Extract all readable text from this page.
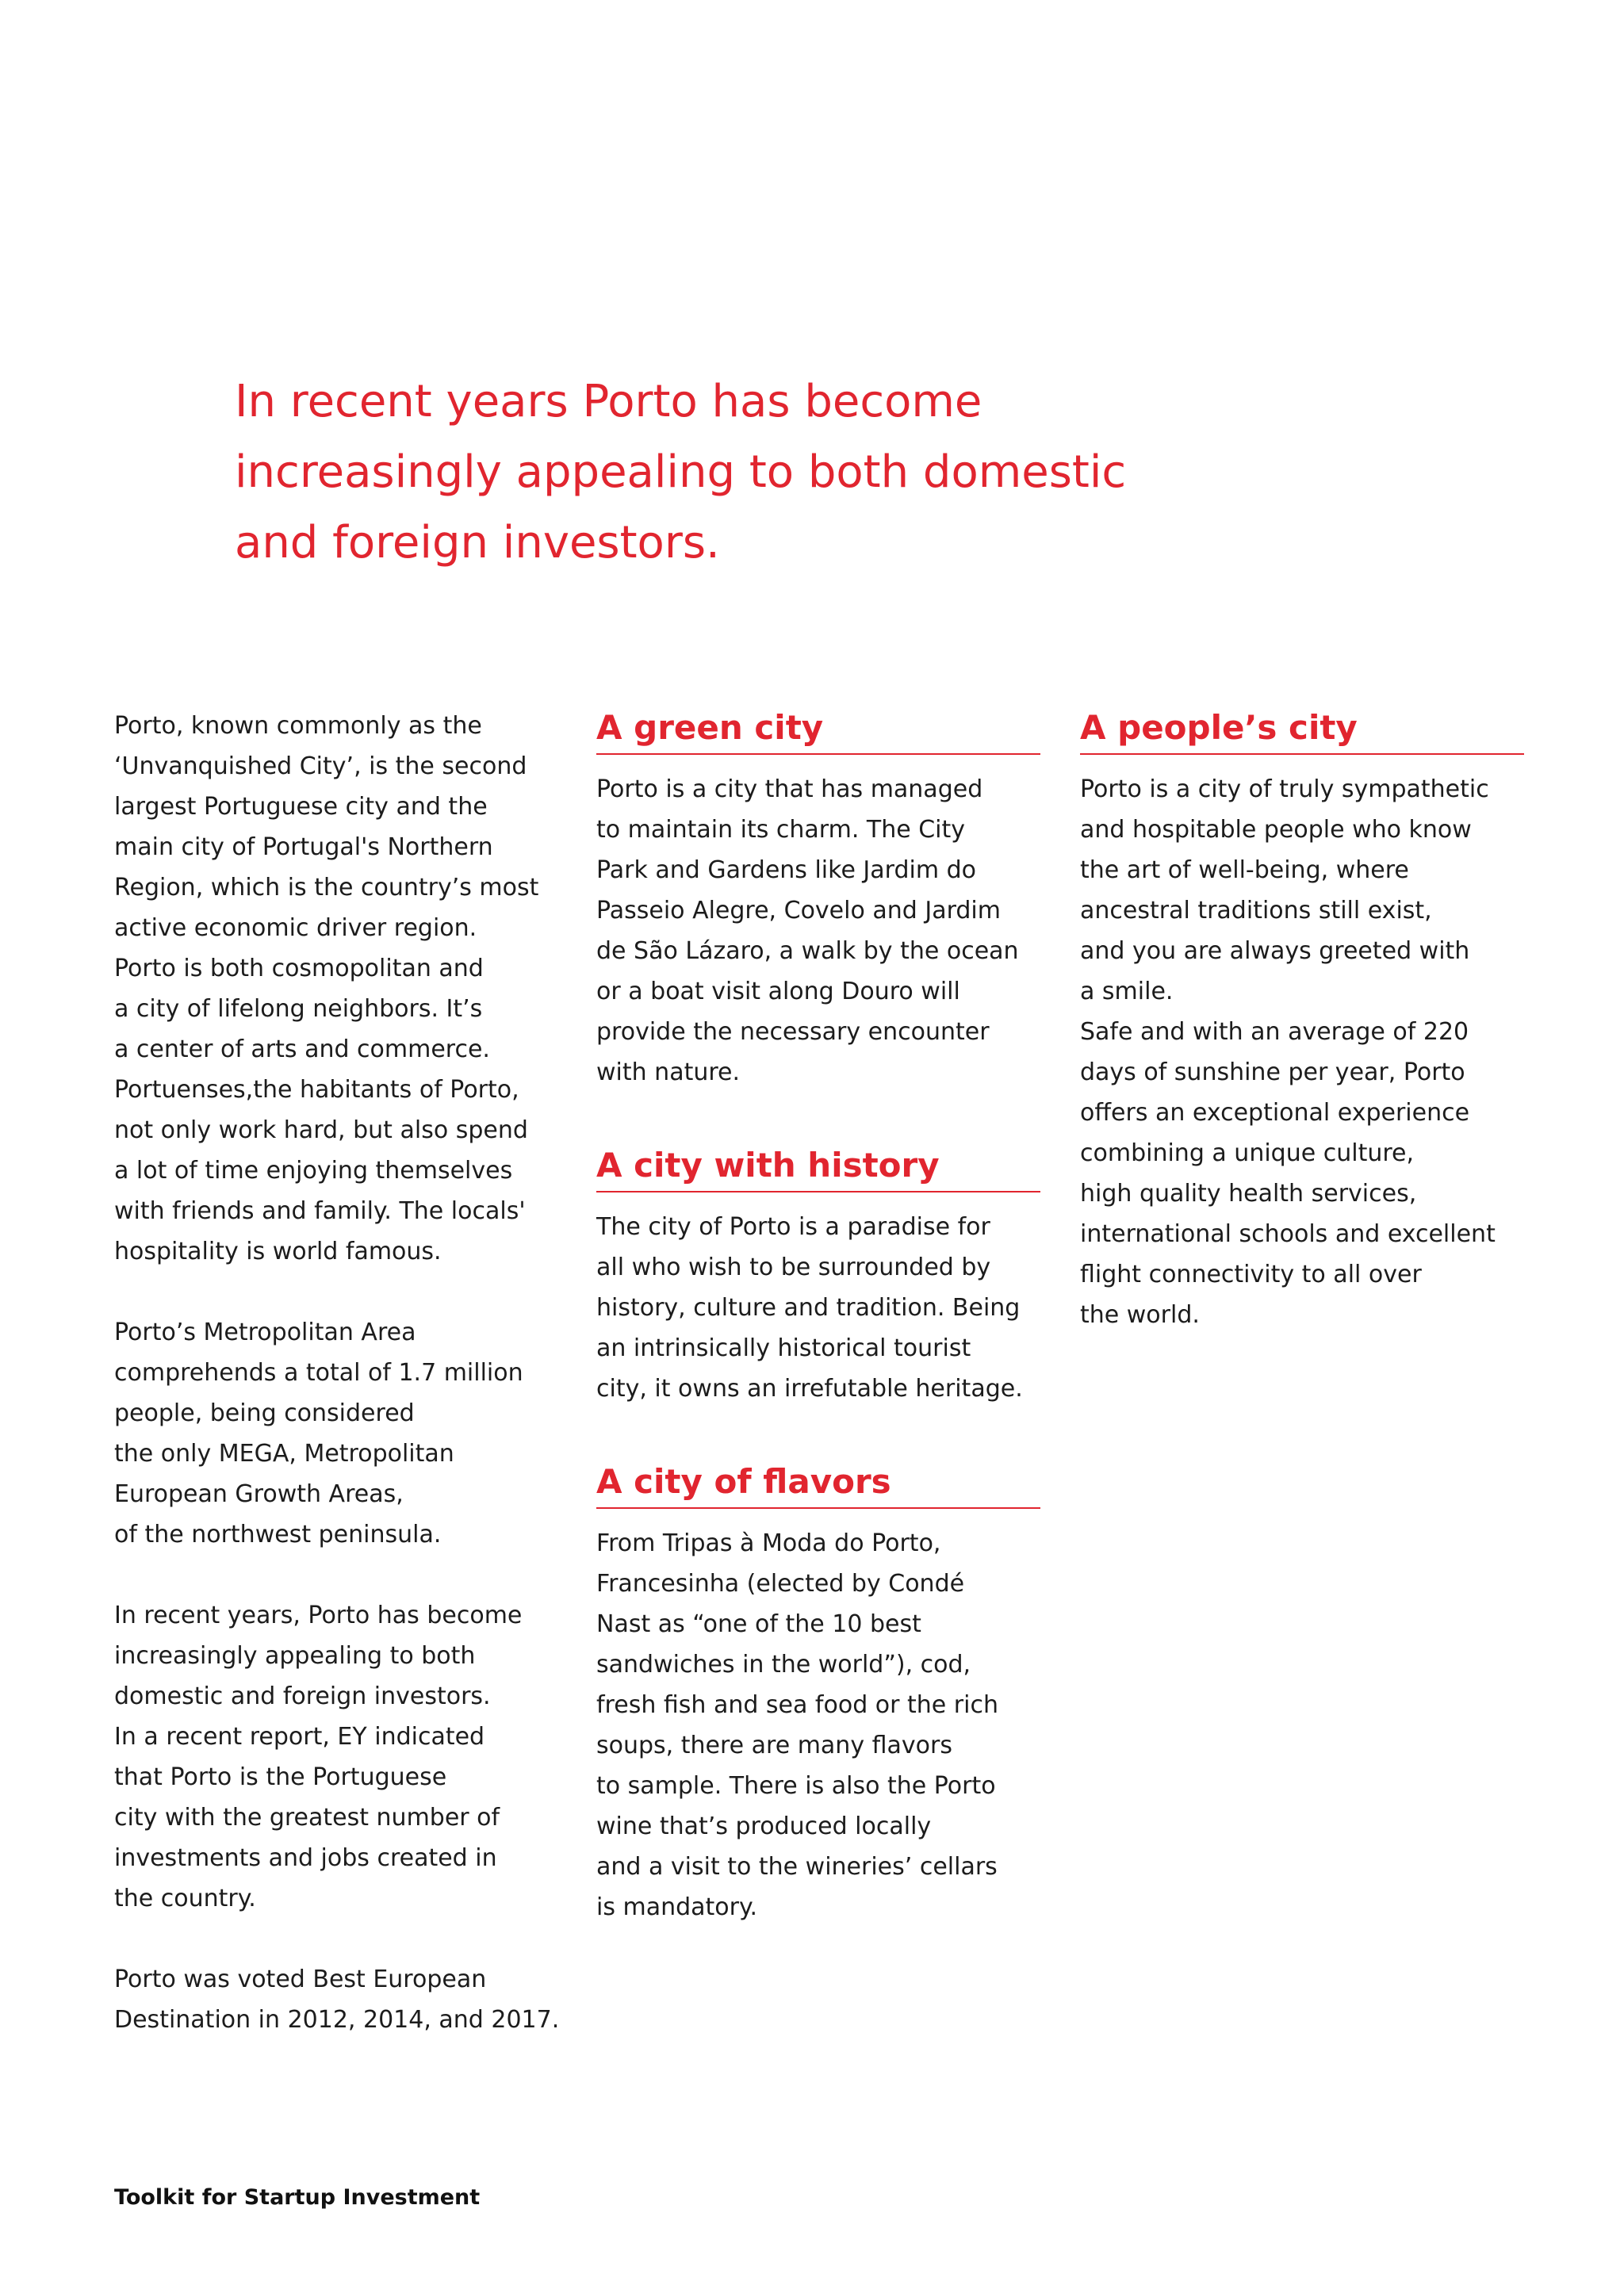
In recent years Porto has become
increasingly appealing to both domestic
and foreign investors.

Porto, known commonly as the
‘Unvanquished City’, is the second
largest Portuguese city and the
main city of Portugal's Northern
Region, which is the country’s most
active economic driver region.
Porto is both cosmopolitan and
a city of lifelong neighbors. It’s
a center of arts and commerce.
Portuenses,the habitants of Porto,
not only work hard, but also spend
a lot of time enjoying themselves
with friends and family. The locals'
hospitality is world famous.

Porto’s Metropolitan Area
comprehends a total of 1.7 million
people, being considered
the only MEGA, Metropolitan
European Growth Areas,
of the northwest peninsula.

In recent years, Porto has become
increasingly appealing to both
domestic and foreign investors.
In a recent report, EY indicated
that Porto is the Portuguese
city with the greatest number of
investments and jobs created in
the country.

Porto was voted Best European
Destination in 2012, 2014, and 2017.

A green city

Porto is a city that has managed
to maintain its charm. The City
Park and Gardens like Jardim do
Passeio Alegre, Covelo and Jardim
de São Lázaro, a walk by the ocean
or a boat visit along Douro will
provide the necessary encounter
with nature.

A city with history

The city of Porto is a paradise for
all who wish to be surrounded by
history, culture and tradition. Being
an intrinsically historical tourist
city, it owns an irrefutable heritage.

A city of flavors

From Tripas à Moda do Porto,
Francesinha (elected by Condé
Nast as “one of the 10 best
sandwiches in the world”), cod,
fresh fish and sea food or the rich
soups, there are many flavors
to sample. There is also the Porto
wine that’s produced locally
and a visit to the wineries’ cellars
is mandatory.

A people’s city

Porto is a city of truly sympathetic
and hospitable people who know
the art of well-being, where
ancestral traditions still exist,
and you are always greeted with
a smile.
Safe and with an average of 220
days of sunshine per year, Porto
offers an exceptional experience
combining a unique culture,
high quality health services,
international schools and excellent
flight connectivity to all over
the world.

Toolkit for Startup Investment
